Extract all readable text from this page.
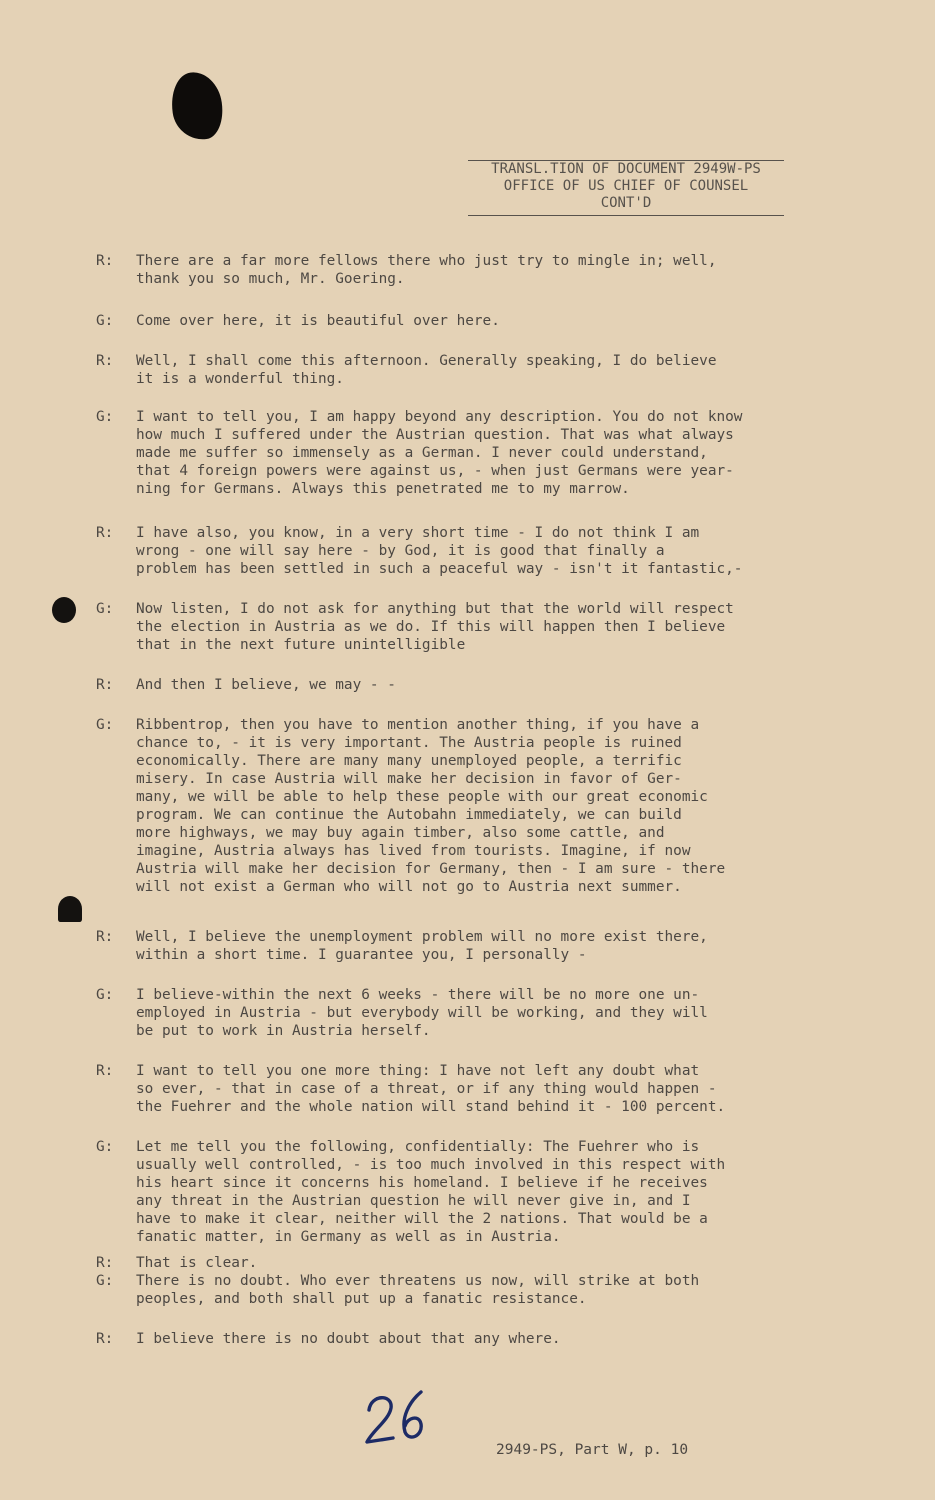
TRANSL.TION OF DOCUMENT 2949W-PS
OFFICE OF US CHIEF OF COUNSEL
CONT'D
R:	There are a far more fellows there who just try to mingle in; well,
thank you so much, Mr. Goering.
G:	Come over here, it is beautiful over here.
R:	Well, I shall come this afternoon. Generally speaking, I do believe
it is a wonderful thing.
G:	I want to tell you, I am happy beyond any description. You do not know
how much I suffered under the Austrian question. That was what always
made me suffer so immensely as a German. I never could understand,
that 4 foreign powers were against us, - when just Germans were year-
ning for Germans. Always this penetrated me to my marrow.
R:	I have also, you know, in a very short time - I do not think I am
wrong - one will say here - by God, it is good that finally a
problem has been settled in such a peaceful way - isn't it fantastic,-
G:	Now listen, I do not ask for anything but that the world will respect
the election in Austria as we do. If this will happen then I believe
that in the next future unintelligible
R:	And then I believe, we may - -
G:	Ribbentrop, then you have to mention another thing, if you have a
chance to, - it is very important. The Austria people is ruined
economically. There are many many unemployed people, a terrific
misery. In case Austria will make her decision in favor of Ger-
many, we will be able to help these people with our great economic
program. We can continue the Autobahn immediately, we can build
more highways, we may buy again timber, also some cattle, and
imagine, Austria always has lived from tourists. Imagine, if now
Austria will make her decision for Germany, then - I am sure - there
will not exist a German who will not go to Austria next summer.
R:	Well, I believe the unemployment problem will no more exist there,
within a short time. I guarantee you, I personally -
G:	I believe-within the next 6 weeks - there will be no more one un-
employed in Austria - but everybody will be working, and they will
be put to work in Austria herself.
R:	I want to tell you one more thing: I have not left any doubt what
so ever, - that in case of a threat, or if any thing would happen -
the Fuehrer and the whole nation will stand behind it - 100 percent.
G:	Let me tell you the following, confidentially: The Fuehrer who is
usually well controlled, - is too much involved in this respect with
his heart since it concerns his homeland. I believe if he receives
any threat in the Austrian question he will never give in, and I
have to make it clear, neither will the 2 nations. That would be a
fanatic matter, in Germany as well as in Austria.
R:	That is clear.
G:	There is no doubt. Who ever threatens us now, will strike at both
peoples, and both shall put up a fanatic resistance.
R:	I believe there is no doubt about that any where.
2949-PS, Part W, p. 10
